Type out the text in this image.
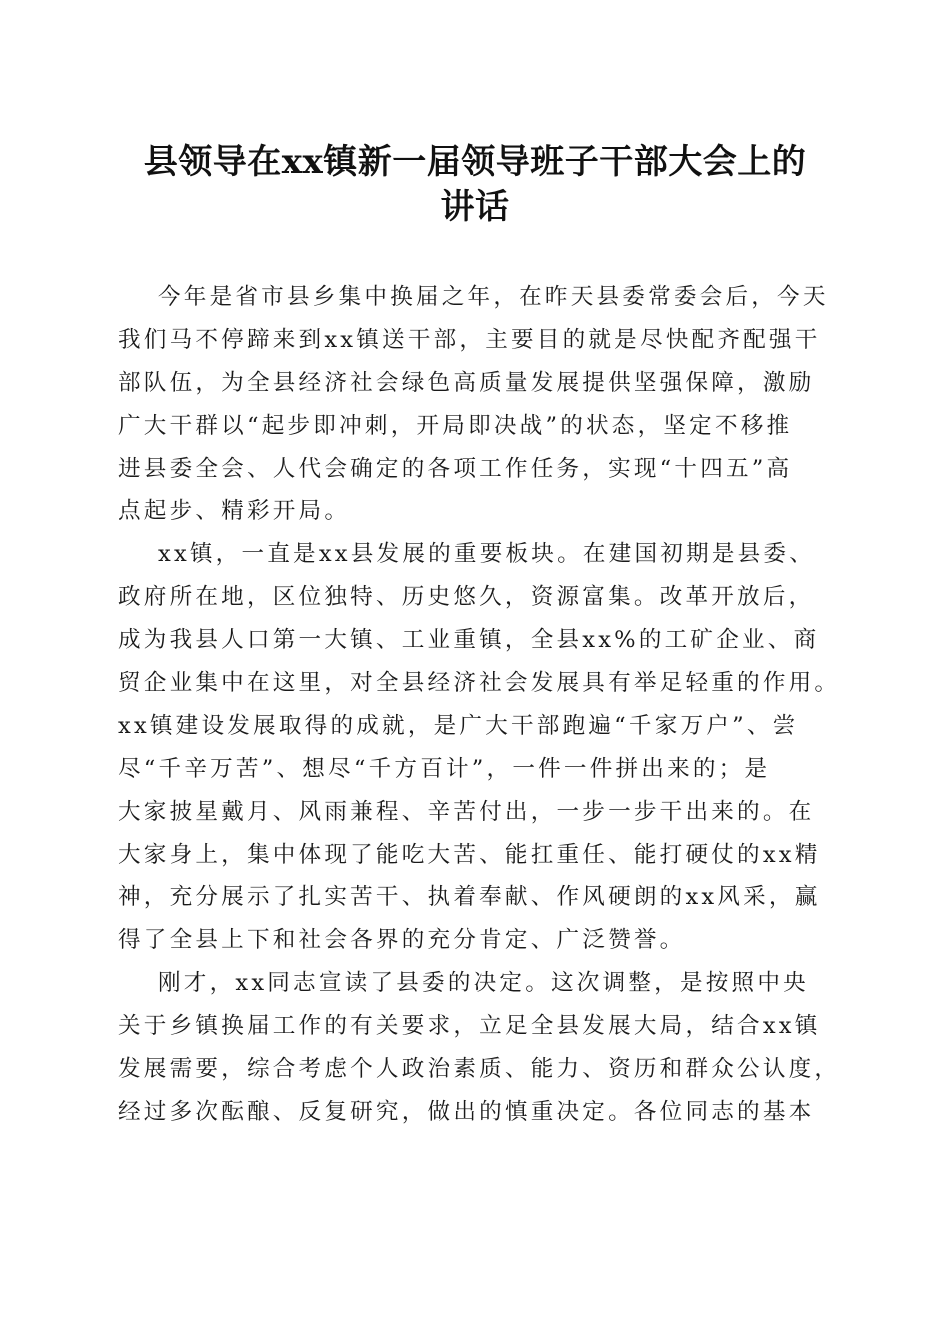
县领导在xx镇新一届领导班子干部大会上的
讲话

今年是省市县乡集中换届之年，在昨天县委常委会后，今天
我们马不停蹄来到xx镇送干部，主要目的就是尽快配齐配强干
部队伍，为全县经济社会绿色高质量发展提供坚强保障，激励
广大干群以“起步即冲刺，开局即决战”的状态，坚定不移推
进县委全会、人代会确定的各项工作任务，实现“十四五”高
点起步、精彩开局。

xx镇，一直是xx县发展的重要板块。在建国初期是县委、
政府所在地，区位独特、历史悠久，资源富集。改革开放后，
成为我县人口第一大镇、工业重镇，全县xx%的工矿企业、商
贸企业集中在这里，对全县经济社会发展具有举足轻重的作用。
xx镇建设发展取得的成就，是广大干部跑遍“千家万户”、尝
尽“千辛万苦”、想尽“千方百计”，一件一件拼出来的；是
大家披星戴月、风雨兼程、辛苦付出，一步一步干出来的。在
大家身上，集中体现了能吃大苦、能扛重任、能打硬仗的xx精
神，充分展示了扎实苦干、执着奉献、作风硬朗的xx风采，赢
得了全县上下和社会各界的充分肯定、广泛赞誉。

刚才，xx同志宣读了县委的决定。这次调整，是按照中央
关于乡镇换届工作的有关要求，立足全县发展大局，结合xx镇
发展需要，综合考虑个人政治素质、能力、资历和群众公认度，
经过多次酝酿、反复研究，做出的慎重决定。各位同志的基本
